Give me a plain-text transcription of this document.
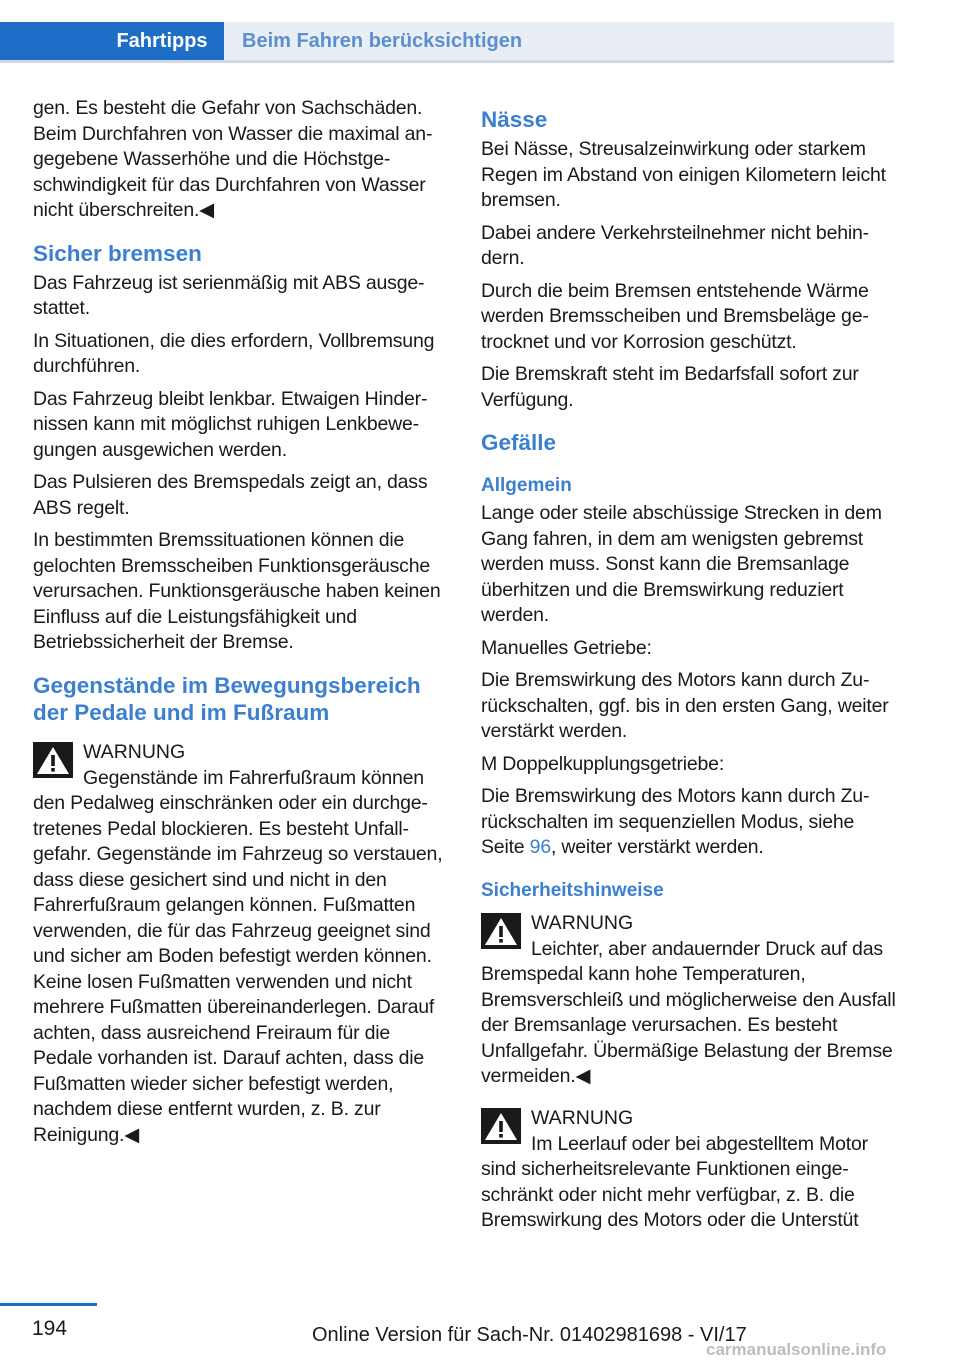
Fahrtipps	Beim Fahren berücksichtigen

gen. Es besteht die Gefahr von Sachschäden. Beim Durchfahren von Wasser die maximal angegebene Wasserhöhe und die Höchstgeschwindigkeit für das Durchfahren von Wasser nicht überschreiten.◀

Sicher bremsen

Das Fahrzeug ist serienmäßig mit ABS ausgestattet.

In Situationen, die dies erfordern, Vollbremsung durchführen.

Das Fahrzeug bleibt lenkbar. Etwaigen Hindernissen kann mit möglichst ruhigen Lenkbewegungen ausgewichen werden.

Das Pulsieren des Bremspedals zeigt an, dass ABS regelt.

In bestimmten Bremssituationen können die gelochten Bremsscheiben Funktionsgeräusche verursachen. Funktionsgeräusche haben keinen Einfluss auf die Leistungsfähigkeit und Betriebssicherheit der Bremse.

Gegenstände im Bewegungsbereich der Pedale und im Fußraum
WARNUNG

Gegenstände im Fahrerfußraum können den Pedalweg einschränken oder ein durchgetretenes Pedal blockieren. Es besteht Unfallgefahr. Gegenstände im Fahrzeug so verstauen, dass diese gesichert sind und nicht in den Fahrerfußraum gelangen können. Fußmatten verwenden, die für das Fahrzeug geeignet sind und sicher am Boden befestigt werden können. Keine losen Fußmatten verwenden und nicht mehrere Fußmatten übereinanderlegen. Darauf achten, dass ausreichend Freiraum für die Pedale vorhanden ist. Darauf achten, dass die Fußmatten wieder sicher befestigt werden, nachdem diese entfernt wurden, z. B. zur Reinigung.◀

Nässe

Bei Nässe, Streusalzeinwirkung oder starkem Regen im Abstand von einigen Kilometern leicht bremsen.

Dabei andere Verkehrsteilnehmer nicht behindern.

Durch die beim Bremsen entstehende Wärme werden Bremsscheiben und Bremsbeläge getrocknet und vor Korrosion geschützt.

Die Bremskraft steht im Bedarfsfall sofort zur Verfügung.

Gefälle
Allgemein

Lange oder steile abschüssige Strecken in dem Gang fahren, in dem am wenigsten gebremst werden muss. Sonst kann die Bremsanlage überhitzen und die Bremswirkung reduziert werden.

Manuelles Getriebe:

Die Bremswirkung des Motors kann durch Zurückschalten, ggf. bis in den ersten Gang, weiter verstärkt werden.

M Doppelkupplungsgetriebe:

Die Bremswirkung des Motors kann durch Zurückschalten im sequenziellen Modus, siehe Seite 96, weiter verstärkt werden.

Sicherheitshinweise
WARNUNG

Leichter, aber andauernder Druck auf das Bremspedal kann hohe Temperaturen, Bremsverschleiß und möglicherweise den Ausfall der Bremsanlage verursachen. Es besteht Unfallgefahr. Übermäßige Belastung der Bremse vermeiden.◀

WARNUNG

Im Leerlauf oder bei abgestelltem Motor sind sicherheitsrelevante Funktionen eingeschränkt oder nicht mehr verfügbar, z. B. die Bremswirkung des Motors oder die Unterstüt

194	Online Version für Sach-Nr. 01402981698 - VI/17
carmanualsonline.info
